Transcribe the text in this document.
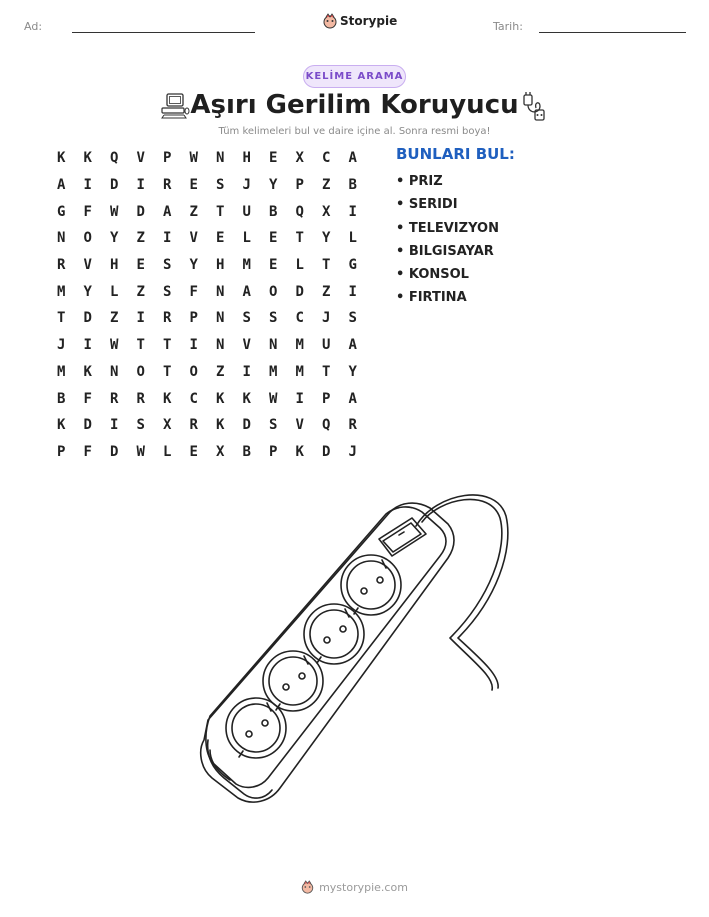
Ad:	Storypie	Tarih:
KELİME ARAMA
Aşırı Gerilim Koruyucu
Tüm kelimeleri bul ve daire içine al. Sonra resmi boya!
K	K	Q	V	P	W	N	H	E	X	C	A
A	I	D	I	R	E	S	J	Y	P	Z	B
G	F	W	D	A	Z	T	U	B	Q	X	I
N	O	Y	Z	I	V	E	L	E	T	Y	L
R	V	H	E	S	Y	H	M	E	L	T	G
M	Y	L	Z	S	F	N	A	O	D	Z	I
T	D	Z	I	R	P	N	S	S	C	J	S
J	I	W	T	T	I	N	V	N	M	U	A
M	K	N	O	T	O	Z	I	M	M	T	Y
B	F	R	R	K	C	K	K	W	I	P	A
K	D	I	S	X	R	K	D	S	V	Q	R
P	F	D	W	L	E	X	B	P	K	D	J
BUNLARI BUL:
• PRIZ
• SERIDI
• TELEVIZYON
• BILGISAYAR
• KONSOL
• FIRTINA
mystorypie.com
